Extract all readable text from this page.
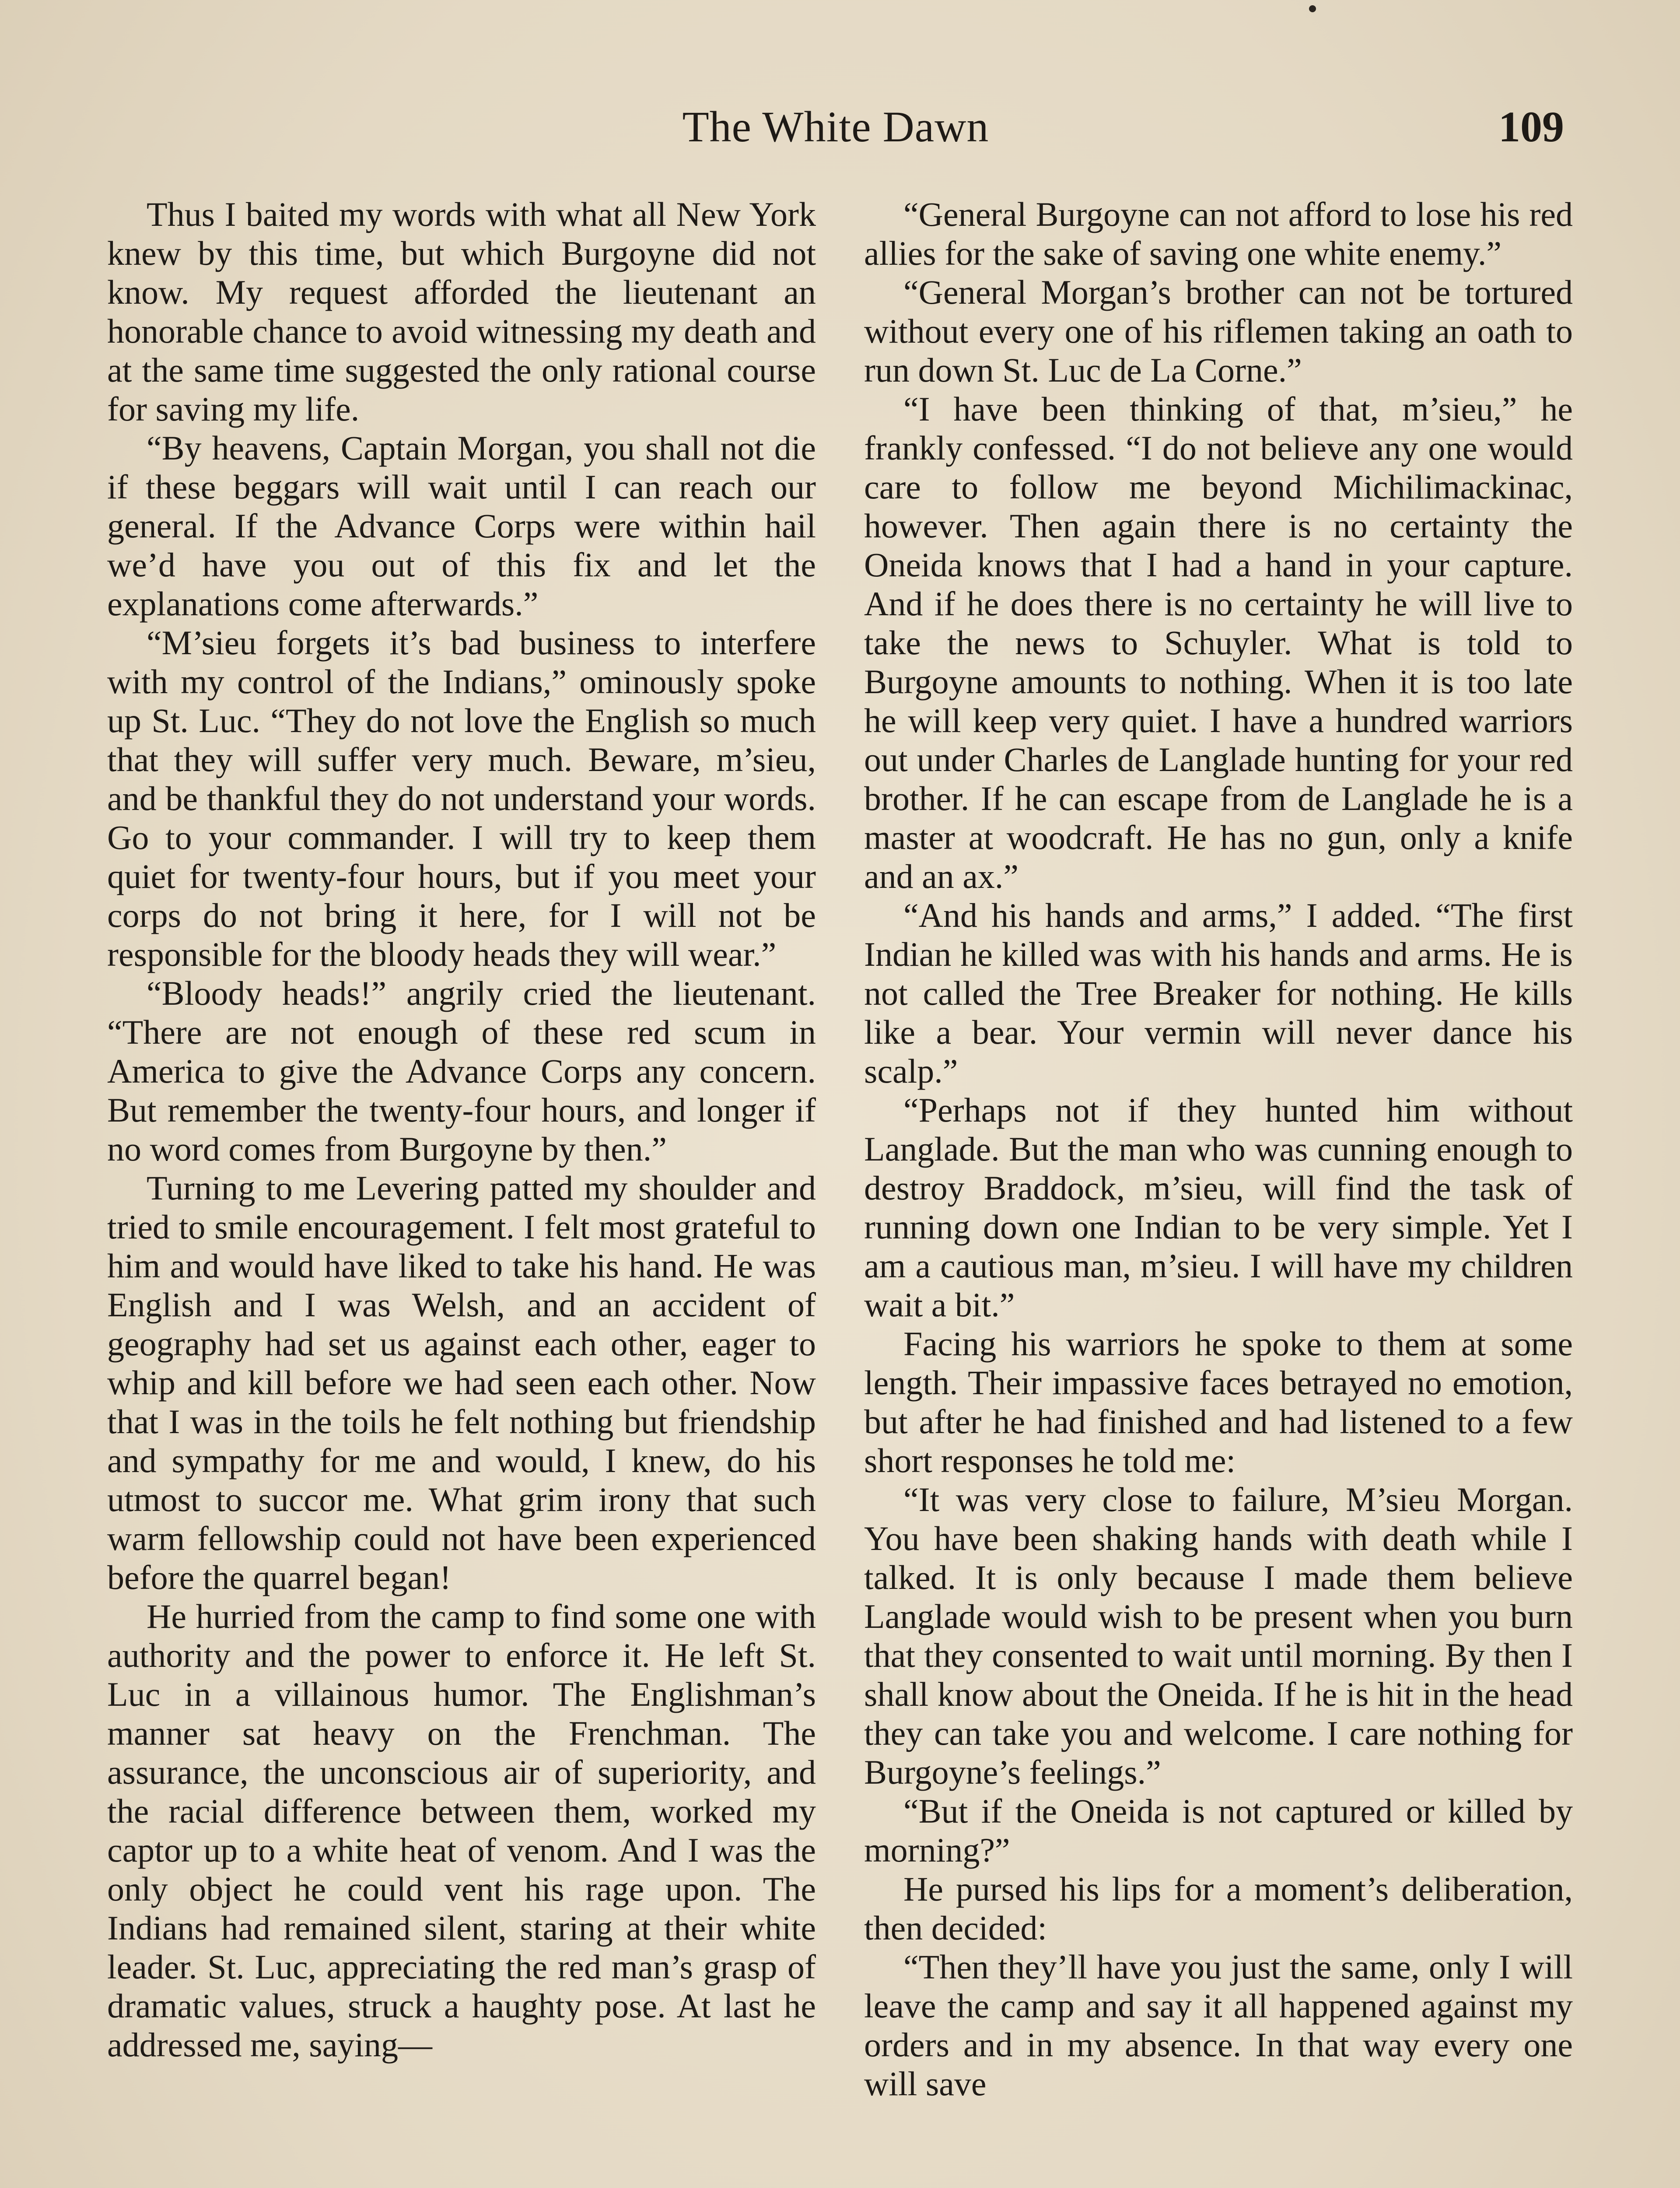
The White Dawn	109

Thus I baited my words with what all New York knew by this time, but which Burgoyne did not know. My request afforded the lieutenant an honorable chance to avoid witnessing my death and at the same time suggested the only rational course for saving my life.

“By heavens, Captain Morgan, you shall not die if these beggars will wait until I can reach our general. If the Advance Corps were within hail we’d have you out of this fix and let the explanations come afterwards.”

“M’sieu forgets it’s bad business to interfere with my control of the Indians,” ominously spoke up St. Luc. “They do not love the English so much that they will suffer very much. Beware, m’sieu, and be thankful they do not understand your words. Go to your commander. I will try to keep them quiet for twenty-four hours, but if you meet your corps do not bring it here, for I will not be responsible for the bloody heads they will wear.”

“Bloody heads!” angrily cried the lieutenant. “There are not enough of these red scum in America to give the Advance Corps any concern. But remember the twenty-four hours, and longer if no word comes from Burgoyne by then.”

Turning to me Levering patted my shoulder and tried to smile encouragement. I felt most grateful to him and would have liked to take his hand. He was English and I was Welsh, and an accident of geography had set us against each other, eager to whip and kill before we had seen each other. Now that I was in the toils he felt nothing but friendship and sympathy for me and would, I knew, do his utmost to succor me. What grim irony that such warm fellowship could not have been experienced before the quarrel began!

He hurried from the camp to find some one with authority and the power to enforce it. He left St. Luc in a villainous humor. The Englishman’s manner sat heavy on the Frenchman. The assurance, the unconscious air of superiority, and the racial difference between them, worked my captor up to a white heat of venom. And I was the only object he could vent his rage upon. The Indians had remained silent, staring at their white leader. St. Luc, appreciating the red man’s grasp of dramatic values, struck a haughty pose. At last he addressed me, saying—

“General Burgoyne can not afford to lose his red allies for the sake of saving one white enemy.”

“General Morgan’s brother can not be tortured without every one of his riflemen taking an oath to run down St. Luc de La Corne.”

“I have been thinking of that, m’sieu,” he frankly confessed. “I do not believe any one would care to follow me beyond Michilimackinac, however. Then again there is no certainty the Oneida knows that I had a hand in your capture. And if he does there is no certainty he will live to take the news to Schuyler. What is told to Burgoyne amounts to nothing. When it is too late he will keep very quiet. I have a hundred warriors out under Charles de Langlade hunting for your red brother. If he can escape from de Langlade he is a master at woodcraft. He has no gun, only a knife and an ax.”

“And his hands and arms,” I added. “The first Indian he killed was with his hands and arms. He is not called the Tree Breaker for nothing. He kills like a bear. Your vermin will never dance his scalp.”

“Perhaps not if they hunted him without Langlade. But the man who was cunning enough to destroy Braddock, m’sieu, will find the task of running down one Indian to be very simple. Yet I am a cautious man, m’sieu. I will have my children wait a bit.”

Facing his warriors he spoke to them at some length. Their impassive faces betrayed no emotion, but after he had finished and had listened to a few short responses he told me:

“It was very close to failure, M’sieu Morgan. You have been shaking hands with death while I talked. It is only because I made them believe Langlade would wish to be present when you burn that they consented to wait until morning. By then I shall know about the Oneida. If he is hit in the head they can take you and welcome. I care nothing for Burgoyne’s feelings.”

“But if the Oneida is not captured or killed by morning?”

He pursed his lips for a moment’s deliberation, then decided:

“Then they’ll have you just the same, only I will leave the camp and say it all happened against my orders and in my absence. In that way every one will save
